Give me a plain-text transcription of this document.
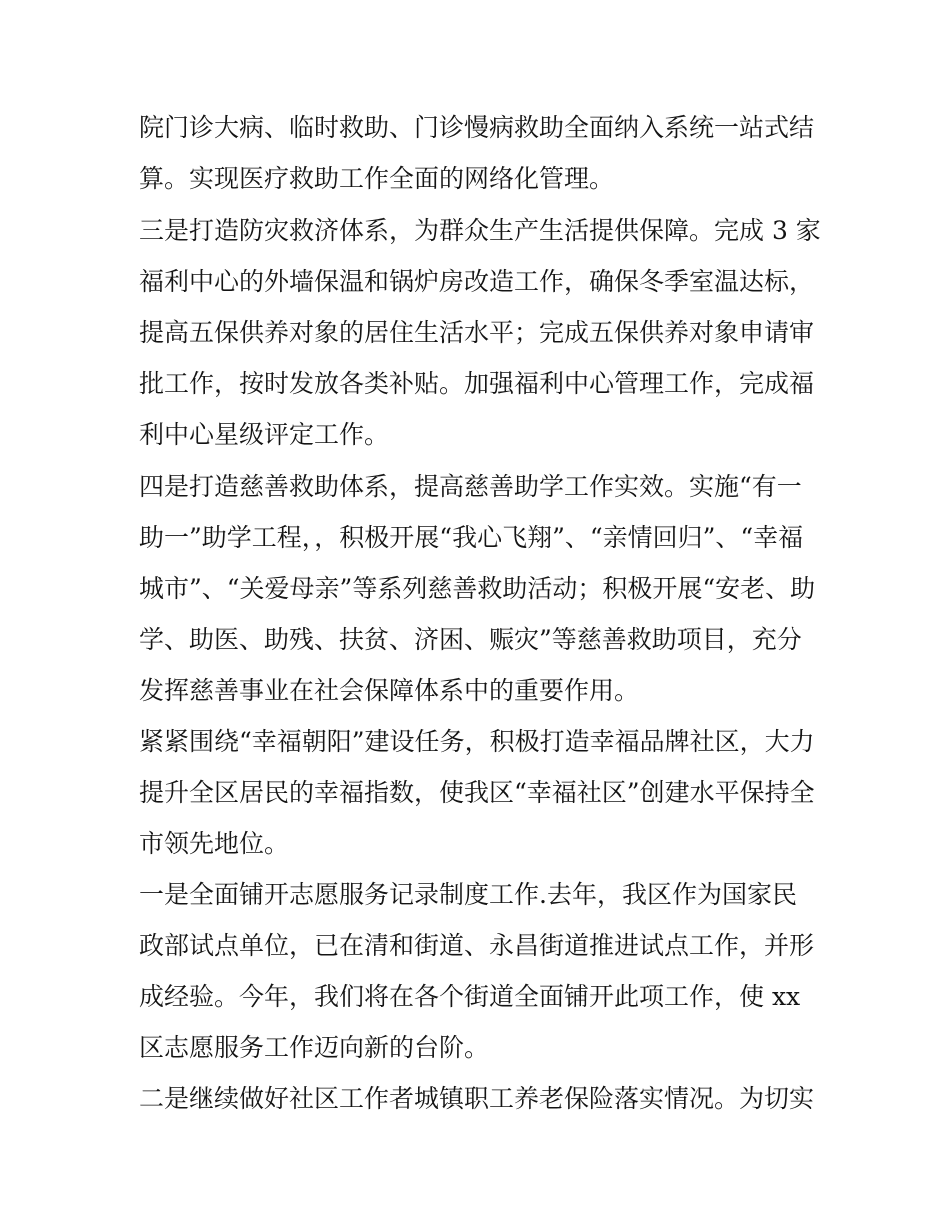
院门诊大病、临时救助、门诊慢病救助全面纳入系统一站式结
算。实现医疗救助工作全面的网络化管理。
三是打造防灾救济体系，为群众生产生活提供保障。完成 3 家
福利中心的外墙保温和锅炉房改造工作，确保冬季室温达标，
提高五保供养对象的居住生活水平；完成五保供养对象申请审
批工作，按时发放各类补贴。加强福利中心管理工作，完成福
利中心星级评定工作。
四是打造慈善救助体系，提高慈善助学工作实效。实施“有一
助一”助学工程，，积极开展“我心飞翔”、“亲情回归”、“幸福
城市”、“关爱母亲”等系列慈善救助活动；积极开展“安老、助
学、助医、助残、扶贫、济困、赈灾”等慈善救助项目，充分
发挥慈善事业在社会保障体系中的重要作用。
紧紧围绕“幸福朝阳”建设任务，积极打造幸福品牌社区，大力
提升全区居民的幸福指数，使我区“幸福社区”创建水平保持全
市领先地位。
一是全面铺开志愿服务记录制度工作.去年，我区作为国家民
政部试点单位，已在清和街道、永昌街道推进试点工作，并形
成经验。今年，我们将在各个街道全面铺开此项工作，使 xx
区志愿服务工作迈向新的台阶。
二是继续做好社区工作者城镇职工养老保险落实情况。为切实
